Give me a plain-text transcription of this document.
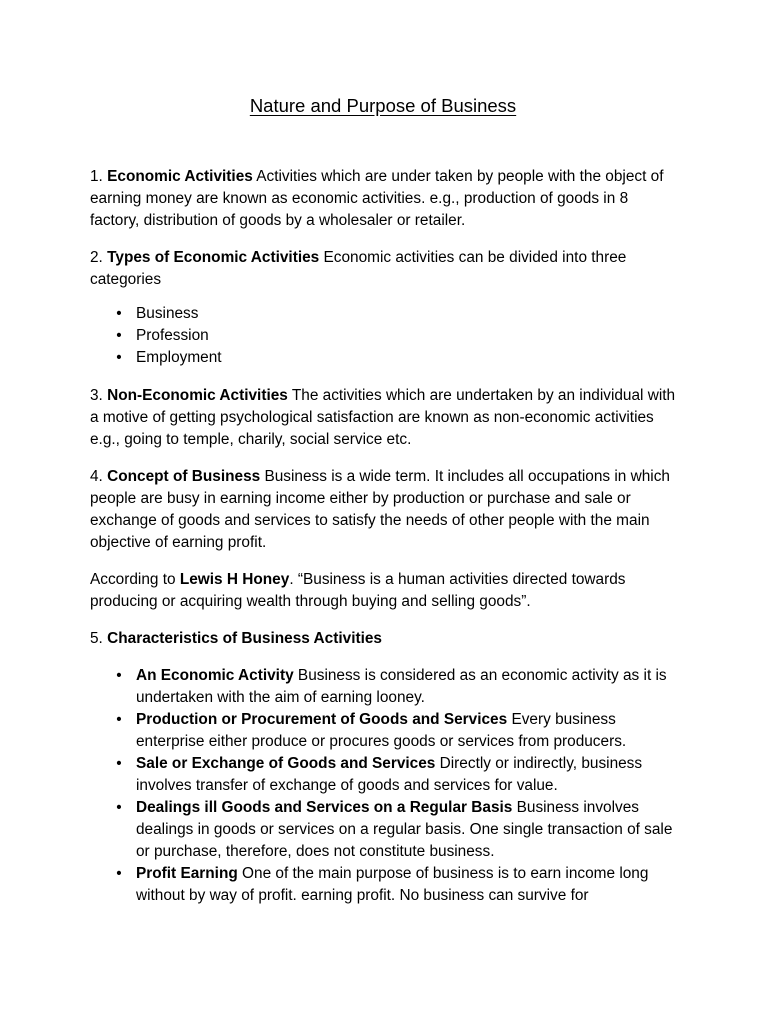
Nature and Purpose of Business

1. Economic Activities Activities which are under taken by people with the object of earning money are known as economic activities. e.g., production of goods in 8 factory, distribution of goods by a wholesaler or retailer.

2. Types of Economic Activities Economic activities can be divided into three categories

• Business
• Profession
• Employment

3. Non-Economic Activities The activities which are undertaken by an individual with a motive of getting psychological satisfaction are known as non-economic activities e.g., going to temple, charily, social service etc.

4. Concept of Business Business is a wide term. It includes all occupations in which people are busy in earning income either by production or purchase and sale or exchange of goods and services to satisfy the needs of other people with the main objective of earning profit.

According to Lewis H Honey. “Business is a human activities directed towards producing or acquiring wealth through buying and selling goods”.

5. Characteristics of Business Activities

• An Economic Activity Business is considered as an economic activity as it is undertaken with the aim of earning looney.
• Production or Procurement of Goods and Services Every business enterprise either produce or procures goods or services from producers.
• Sale or Exchange of Goods and Services Directly or indirectly, business involves transfer of exchange of goods and services for value.
• Dealings ill Goods and Services on a Regular Basis Business involves dealings in goods or services on a regular basis. One single transaction of sale or purchase, therefore, does not constitute business.
• Profit Earning One of the main purpose of business is to earn income long without by way of profit. earning profit. No business can survive for
